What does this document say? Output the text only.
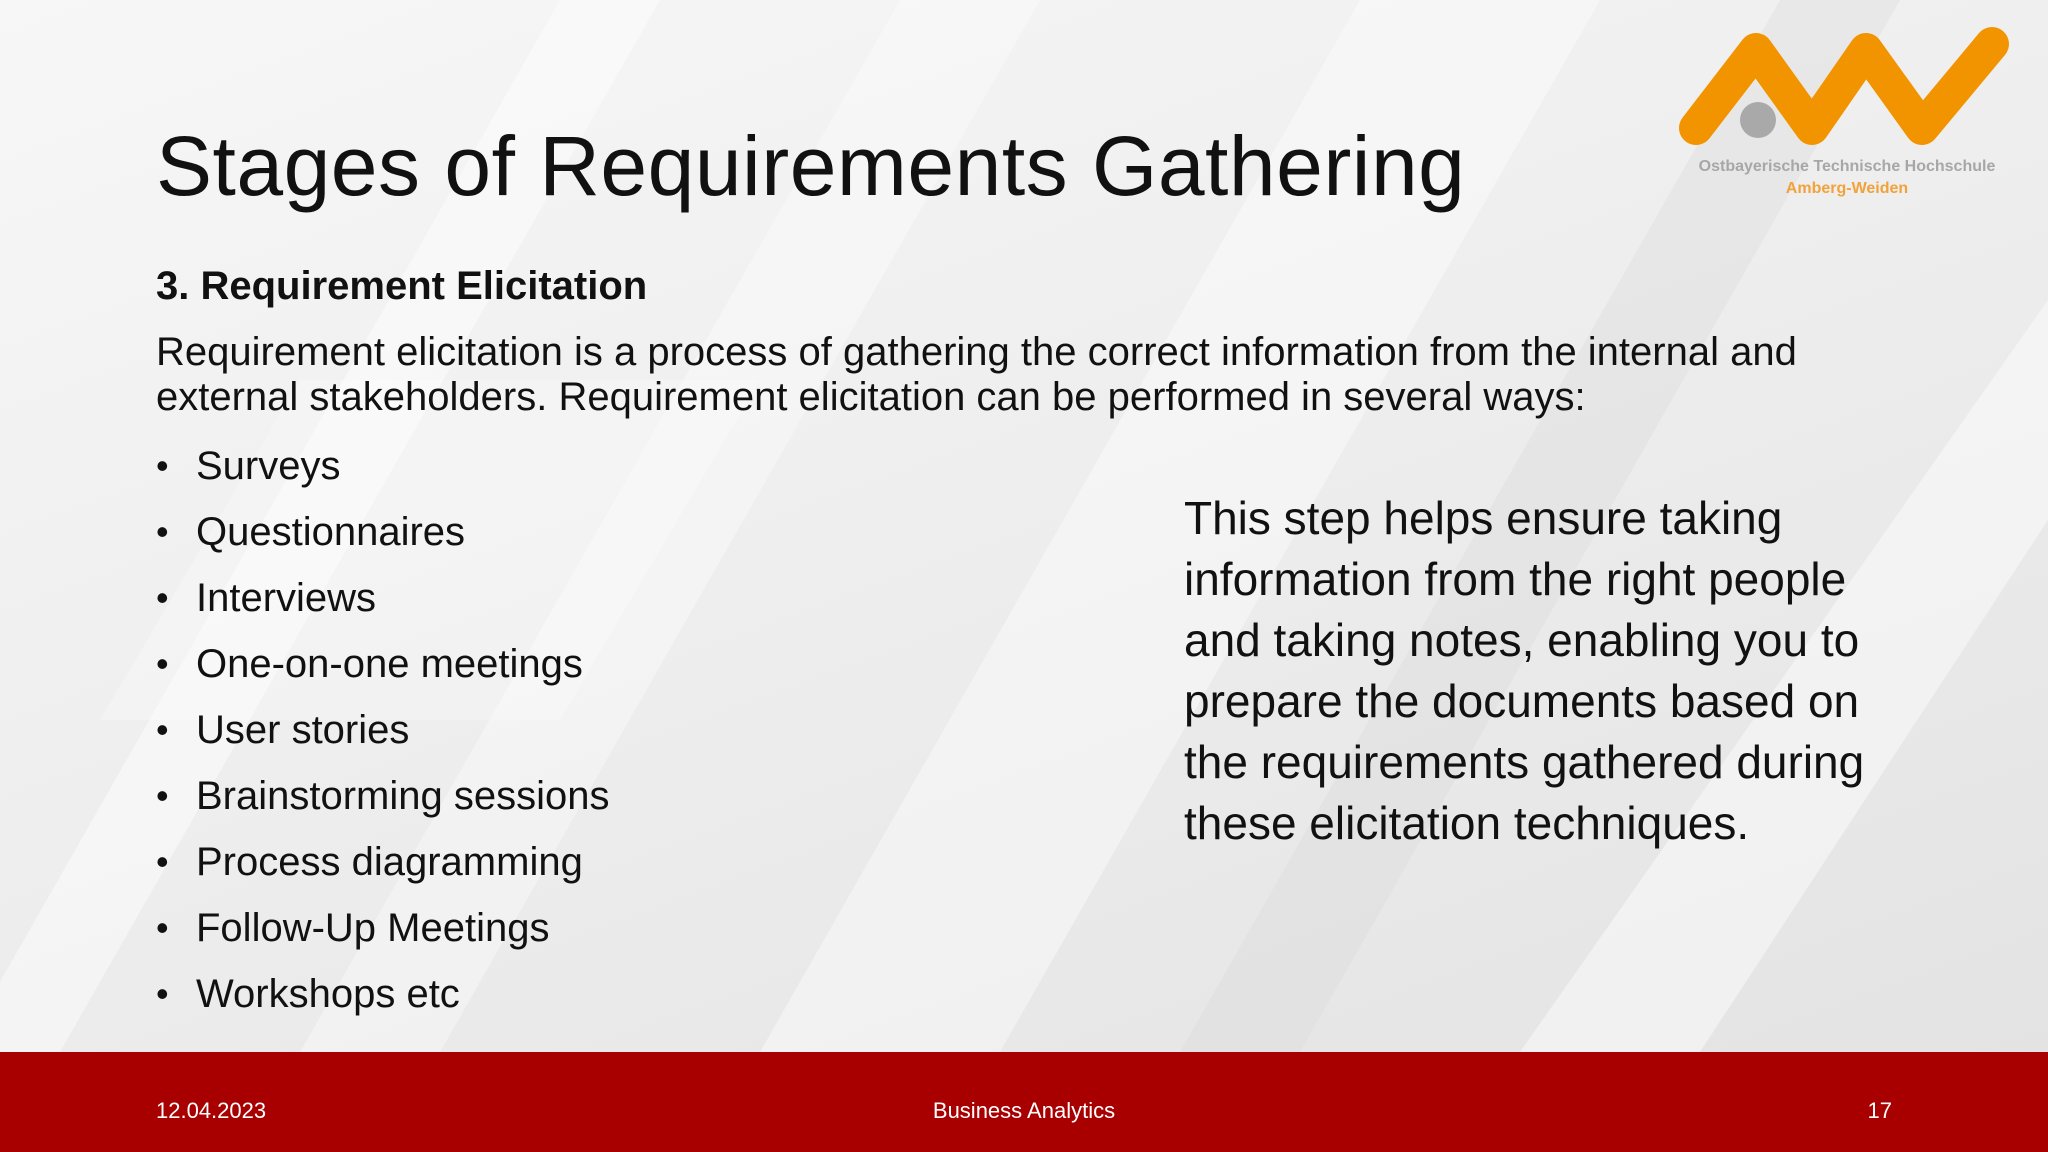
Ostbayerische Technische Hochschule
Amberg-Weiden
Stages of Requirements Gathering
3. Requirement Elicitation

Requirement elicitation is a process of gathering the correct information from the internal and external stakeholders. Requirement elicitation can be performed in several ways:

• Surveys
• Questionnaires
• Interviews
• One-on-one meetings
• User stories
• Brainstorming sessions
• Process diagramming
• Follow-Up Meetings
• Workshops etc

This step helps ensure taking information from the right people and taking notes, enabling you to prepare the documents based on the requirements gathered during these elicitation techniques.

12.04.2023	Business Analytics	17
